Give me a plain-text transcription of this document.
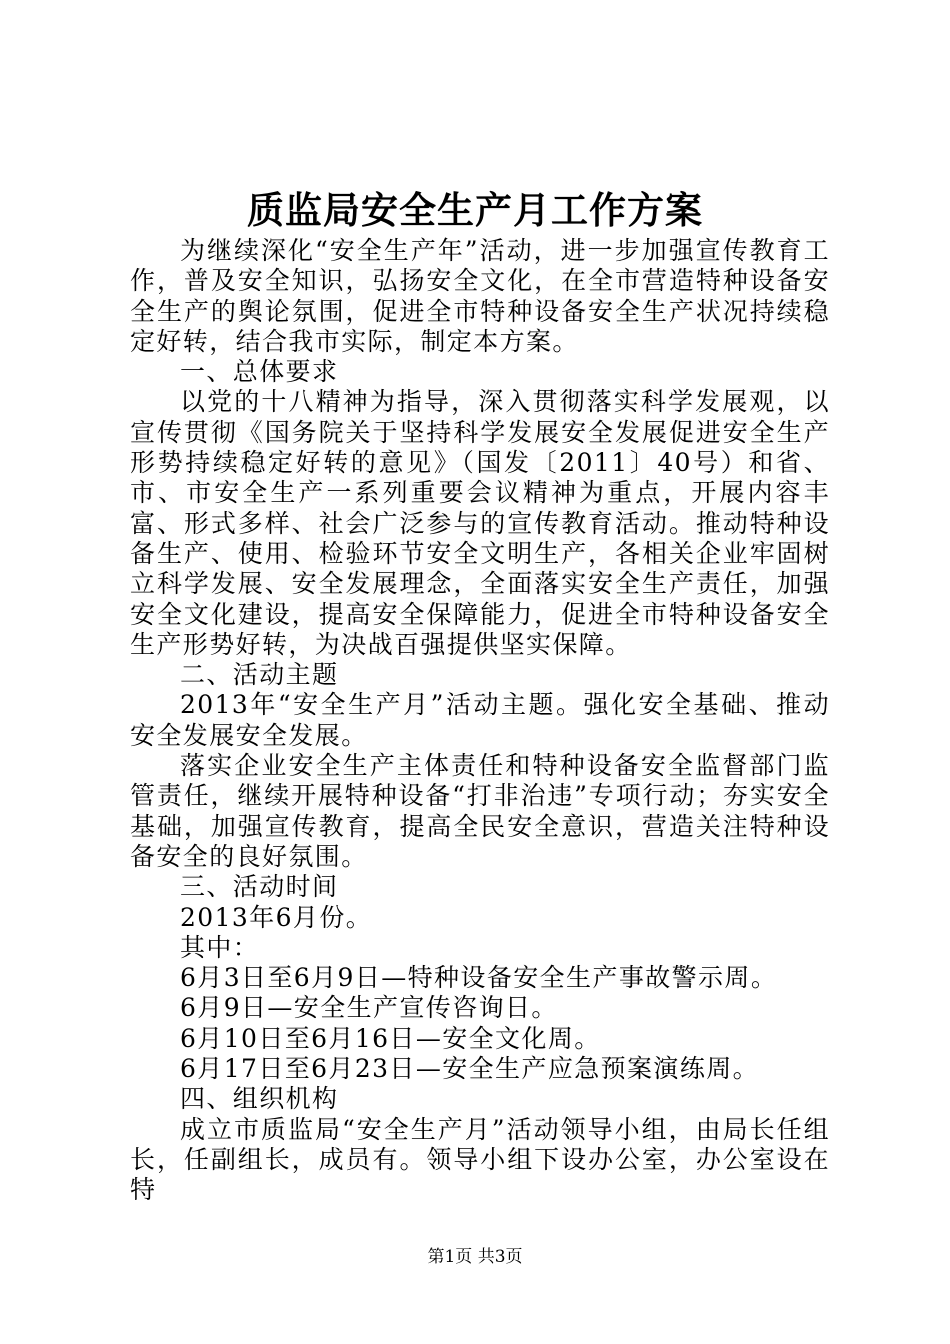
质监局安全生产月工作方案

为继续深化“安全生产年”活动，进一步加强宣传教育工作，普及安全知识，弘扬安全文化，在全市营造特种设备安全生产的舆论氛围，促进全市特种设备安全生产状况持续稳定好转，结合我市实际，制定本方案。

一、总体要求

以党的十八精神为指导，深入贯彻落实科学发展观，以宣传贯彻《国务院关于坚持科学发展安全发展促进安全生产形势持续稳定好转的意见》（国发〔2011〕40号）和省、市、市安全生产一系列重要会议精神为重点，开展内容丰富、形式多样、社会广泛参与的宣传教育活动。推动特种设备生产、使用、检验环节安全文明生产，各相关企业牢固树立科学发展、安全发展理念，全面落实安全生产责任，加强安全文化建设，提高安全保障能力，促进全市特种设备安全生产形势好转，为决战百强提供坚实保障。

二、活动主题

2013年“安全生产月”活动主题。强化安全基础、推动安全发展安全发展。

落实企业安全生产主体责任和特种设备安全监督部门监管责任，继续开展特种设备“打非治违”专项行动；夯实安全基础，加强宣传教育，提高全民安全意识，营造关注特种设备安全的良好氛围。

三、活动时间

2013年6月份。

其中：

6月3日至6月9日—特种设备安全生产事故警示周。

6月9日—安全生产宣传咨询日。

6月10日至6月16日—安全文化周。

6月17日至6月23日—安全生产应急预案演练周。

四、组织机构

成立市质监局“安全生产月”活动领导小组，由局长任组长，任副组长，成员有。领导小组下设办公室，办公室设在特

第1页 共3页
